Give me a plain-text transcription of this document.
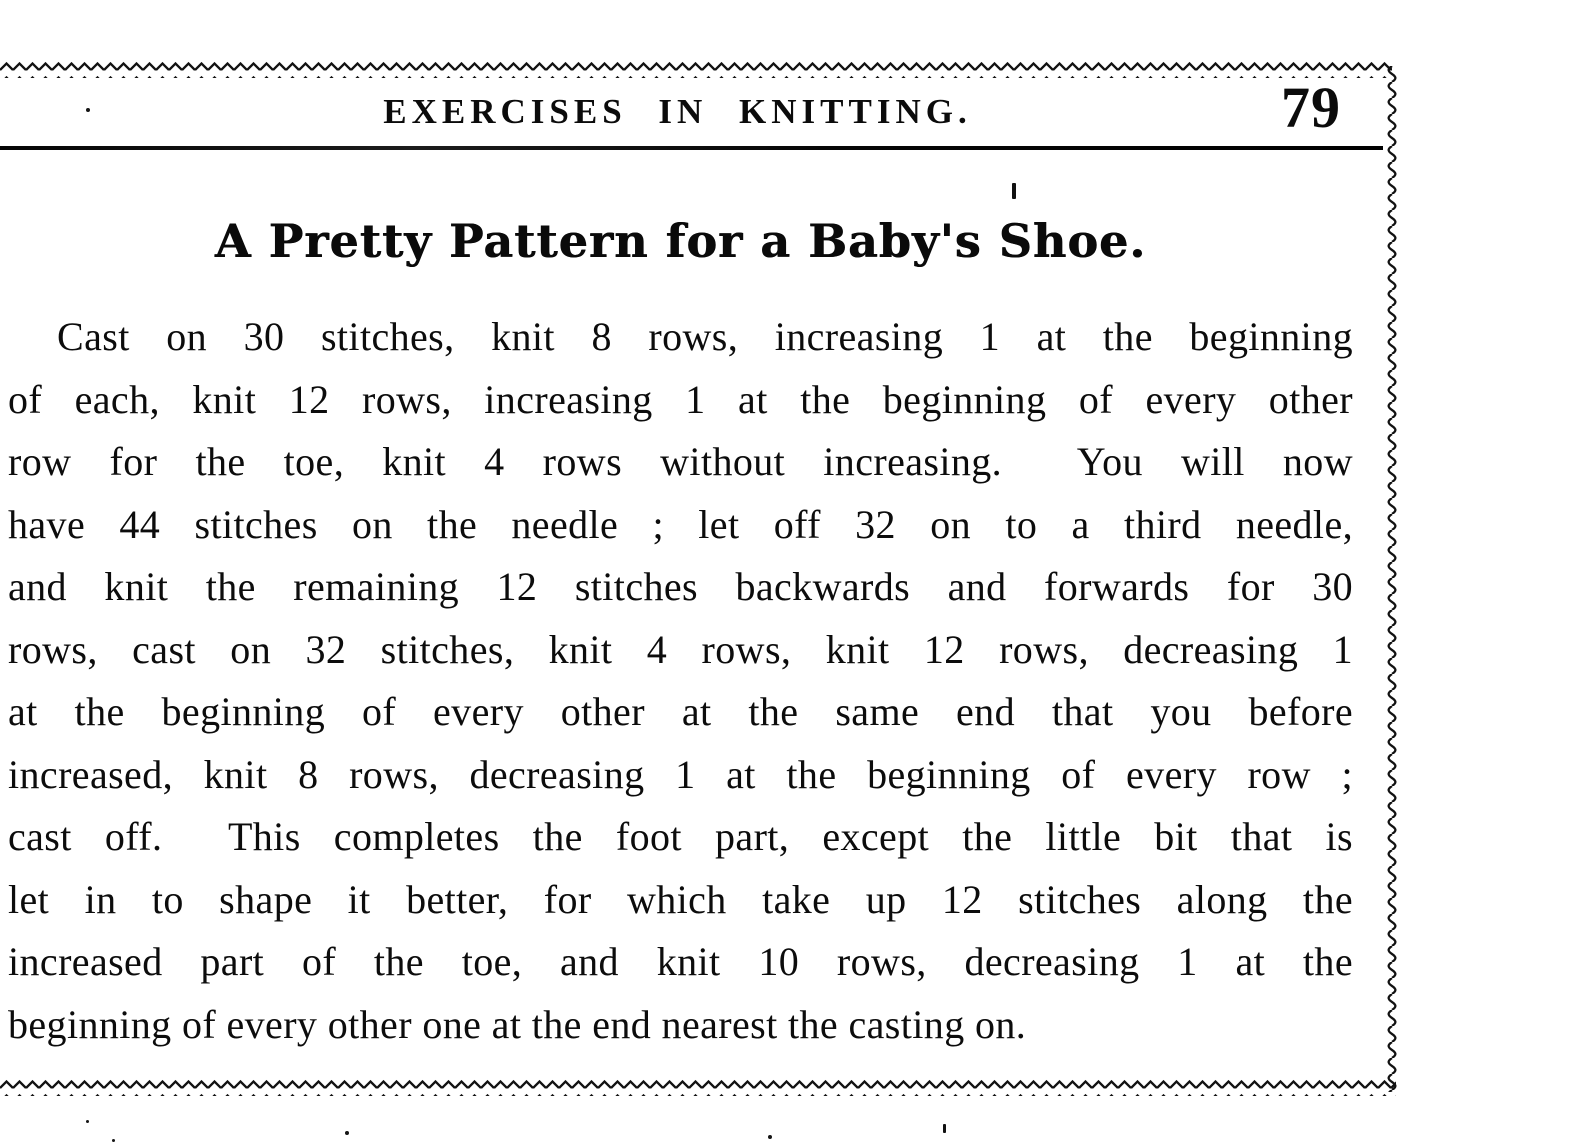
EXERCISES IN KNITTING.	79
A Pretty Pattern for a Baby's Shoe.
Cast on 30 stitches, knit 8 rows, increasing 1 at the beginning
of each, knit 12 rows, increasing 1 at the beginning of every other
row for the toe, knit 4 rows without increasing.  You will now
have 44 stitches on the needle ; let off 32 on to a third needle,
and knit the remaining 12 stitches backwards and forwards for 30
rows, cast on 32 stitches, knit 4 rows, knit 12 rows, decreasing 1
at the beginning of every other at the same end that you before
increased, knit 8 rows, decreasing 1 at the beginning of every row ;
cast off.  This completes the foot part, except the little bit that is
let in to shape it better, for which take up 12 stitches along the
increased part of the toe, and knit 10 rows, decreasing 1 at the
beginning of every other one at the end nearest the casting on.
